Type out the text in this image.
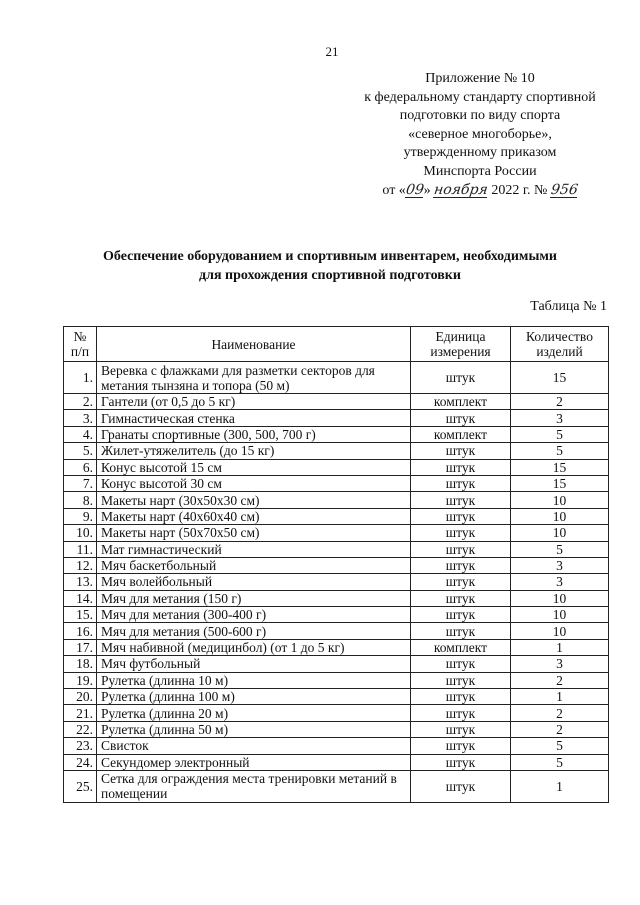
21
Приложение № 10
к федеральному стандарту спортивной
подготовки по виду спорта
«северное многоборье»,
утвержденному приказом
Минспорта России
от «09» ноября 2022 г. № 956
Обеспечение оборудованием и спортивным инвентарем, необходимыми
для прохождения спортивной подготовки
Таблица № 1
№ п/п	Наименование	Единица измерения	Количество изделий
1.	Веревка с флажками для разметки секторов для метания тынзяна и топора (50 м)	штук	15
2.	Гантели (от 0,5 до 5 кг)	комплект	2
3.	Гимнастическая стенка	штук	3
4.	Гранаты спортивные (300, 500, 700 г)	комплект	5
5.	Жилет-утяжелитель (до 15 кг)	штук	5
6.	Конус высотой 15 см	штук	15
7.	Конус высотой 30 см	штук	15
8.	Макеты нарт (30х50х30 см)	штук	10
9.	Макеты нарт (40х60х40 см)	штук	10
10.	Макеты нарт (50х70х50 см)	штук	10
11.	Мат гимнастический	штук	5
12.	Мяч баскетбольный	штук	3
13.	Мяч волейбольный	штук	3
14.	Мяч для метания (150 г)	штук	10
15.	Мяч для метания (300-400 г)	штук	10
16.	Мяч для метания (500-600 г)	штук	10
17.	Мяч набивной (медицинбол) (от 1 до 5 кг)	комплект	1
18.	Мяч футбольный	штук	3
19.	Рулетка (длинна 10 м)	штук	2
20.	Рулетка (длинна 100 м)	штук	1
21.	Рулетка (длинна 20 м)	штук	2
22.	Рулетка (длинна 50 м)	штук	2
23.	Свисток	штук	5
24.	Секундомер электронный	штук	5
25.	Сетка для ограждения места тренировки метаний в помещении	штук	1
